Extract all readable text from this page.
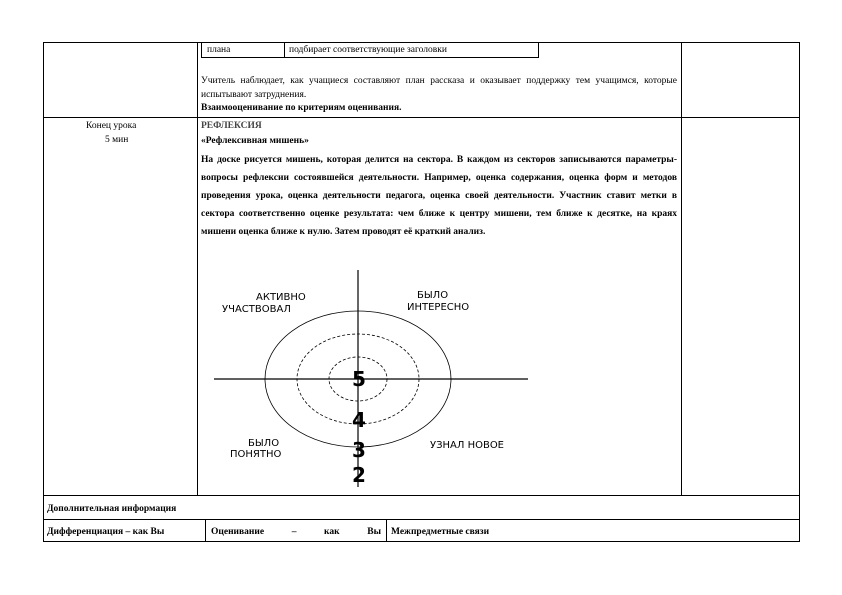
плана	подбирает соответствующие заголовки
Учитель наблюдает, как учащиеся составляют план рассказа и оказывает поддержку тем учащимся, которые испытывают затруднения.
Взаимооценивание по критериям оценивания.
Конец урока
5 мин
РЕФЛЕКСИЯ
«Рефлексивная мишень»
На доске рисуется мишень, которая делится на сектора. В каждом из секторов записываются параметры- вопросы рефлексии состоявшейся деятельности. Например, оценка содержания, оценка форм и методов проведения урока, оценка деятельности педагога, оценка своей деятельности. Участник ставит метки в сектора соответственно оценке результата: чем ближе к центру мишени, тем ближе к десятке, на краях мишени оценка ближе к нулю. Затем проводят её краткий анализ.
АКТИВНО
УЧАСТВОВАЛ
БЫЛО
ИНТЕРЕСНО
БЫЛО
ПОНЯТНО
УЗНАЛ НОВОЕ
5
4
3
2
Дополнительная информация
Дифференциация – как Вы	Оценивание – как Вы Межпредметные связи
